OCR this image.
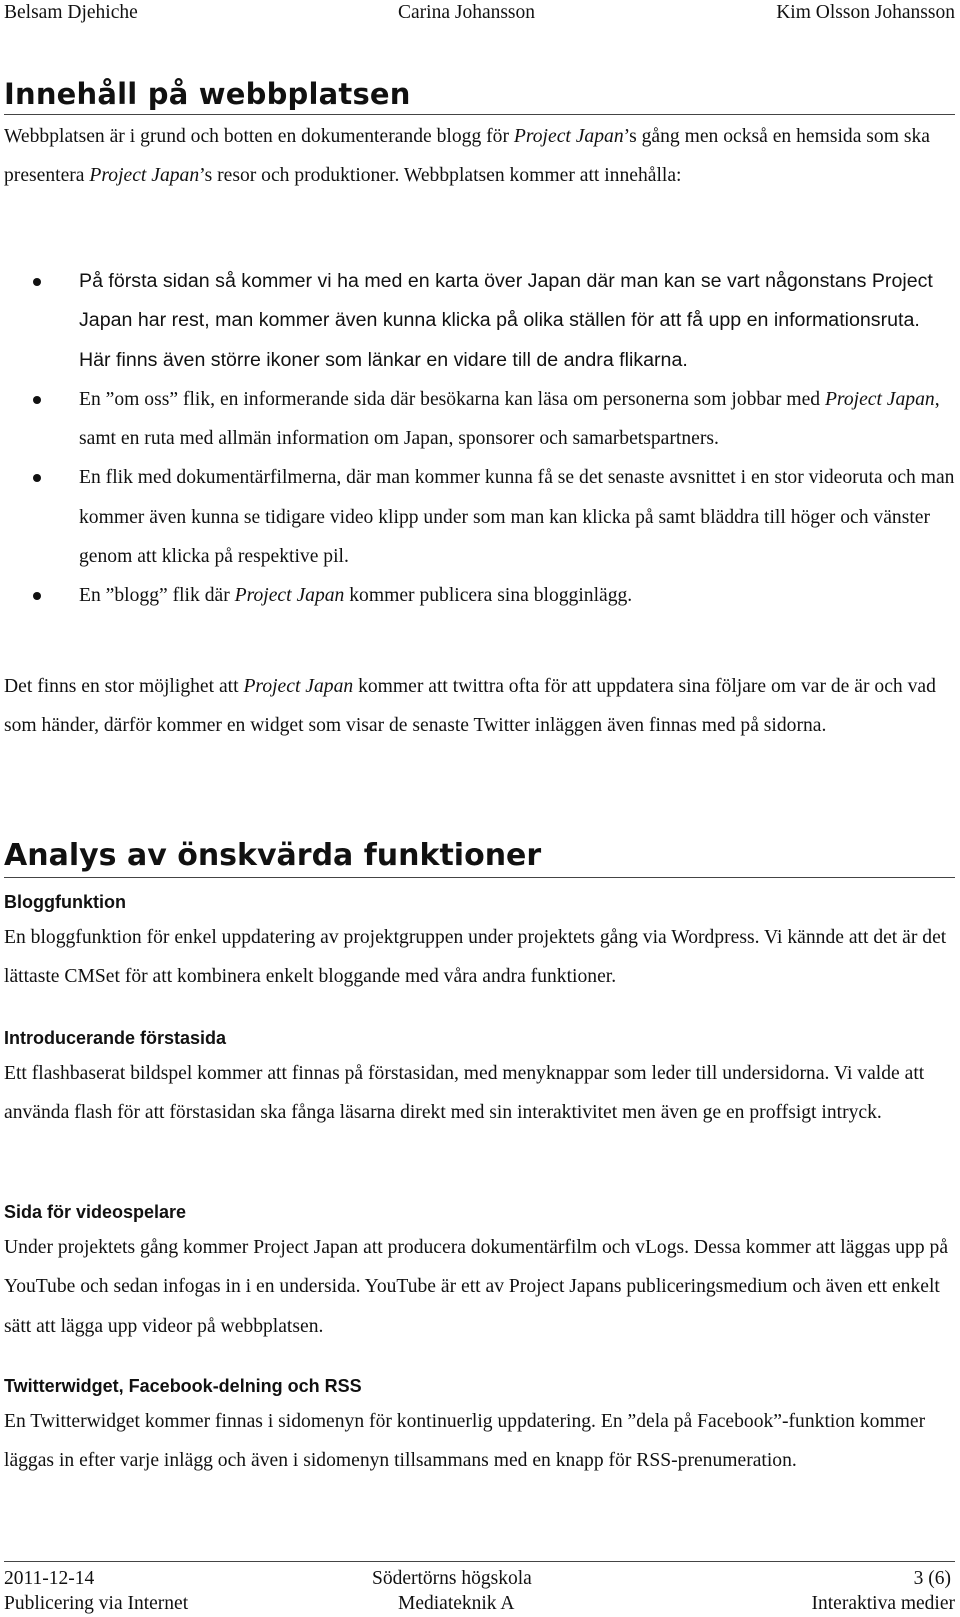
Belsam Djehiche	Carina Johansson	Kim Olsson Johansson
Innehåll på webbplatsen

Webbplatsen är i grund och botten en dokumenterande blogg för Project Japan’s gång men också en hemsida som ska presentera Project Japan’s resor och produktioner. Webbplatsen kommer att innehålla:

På första sidan så kommer vi ha med en karta över Japan där man kan se vart någonstans Project Japan har rest, man kommer även kunna klicka på olika ställen för att få upp en informationsruta. Här finns även större ikoner som länkar en vidare till de andra flikarna.
En ”om oss” flik, en informerande sida där besökarna kan läsa om personerna som jobbar med Project Japan, samt en ruta med allmän information om Japan, sponsorer och samarbetspartners.
En flik med dokumentärfilmerna, där man kommer kunna få se det senaste avsnittet i en stor videoruta och man kommer även kunna se tidigare video klipp under som man kan klicka på samt bläddra till höger och vänster genom att klicka på respektive pil.
En ”blogg” flik där Project Japan kommer publicera sina blogginlägg.

Det finns en stor möjlighet att Project Japan kommer att twittra ofta för att uppdatera sina följare om var de är och vad som händer, därför kommer en widget som visar de senaste Twitter inläggen även finnas med på sidorna.

Analys av önskvärda funktioner
Bloggfunktion

En bloggfunktion för enkel uppdatering av projektgruppen under projektets gång via Wordpress. Vi kännde att det är det lättaste CMSet för att kombinera enkelt bloggande med våra andra funktioner.

Introducerande förstasida

Ett flashbaserat bildspel kommer att finnas på förstasidan, med menyknappar som leder till undersidorna. Vi valde att använda flash för att förstasidan ska fånga läsarna direkt med sin interaktivitet men även ge en proffsigt intryck.

Sida för videospelare

Under projektets gång kommer Project Japan att producera dokumentärfilm och vLogs. Dessa kommer att läggas upp på YouTube och sedan infogas in i en undersida. YouTube är ett av Project Japans publiceringsmedium och även ett enkelt sätt att lägga upp videor på webbplatsen.

Twitterwidget, Facebook-delning och RSS

En Twitterwidget kommer finnas i sidomenyn för kontinuerlig uppdatering. En ”dela på Facebook”-funktion kommer läggas in efter varje inlägg och även i sidomenyn tillsammans med en knapp för RSS-prenumeration.

2011-12-14	Södertörns högskola	3 (6)
Publicering via Internet	Mediateknik A	Interaktiva medier
